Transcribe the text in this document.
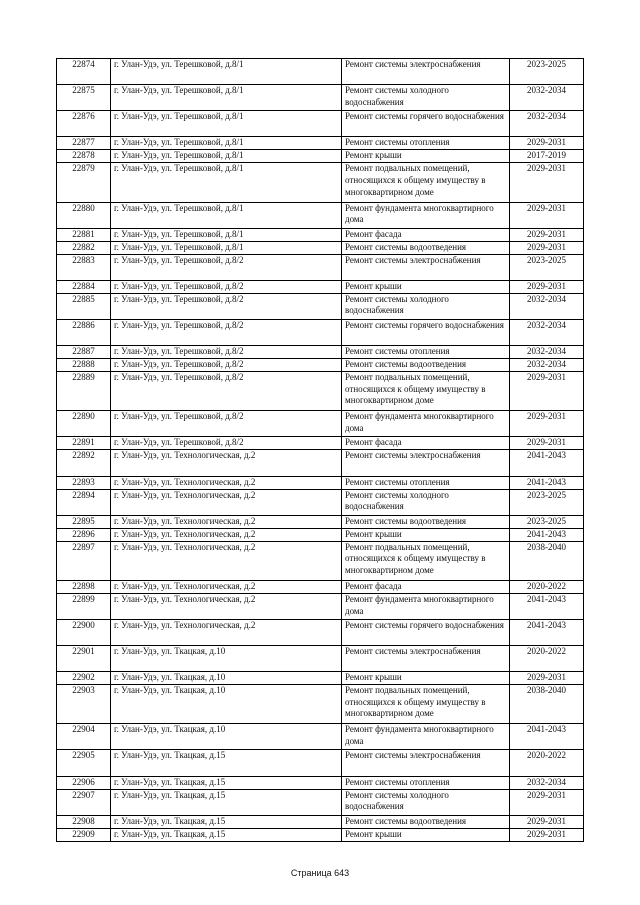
22874	г. Улан-Удэ, ул. Терешковой, д.8/1	Ремонт системы электроснабжения	2023-2025
22875	г. Улан-Удэ, ул. Терешковой, д.8/1	Ремонт системы холодного водоснабжения	2032-2034
22876	г. Улан-Удэ, ул. Терешковой, д.8/1	Ремонт системы горячего водоснабжения	2032-2034
22877	г. Улан-Удэ, ул. Терешковой, д.8/1	Ремонт системы отопления	2029-2031
22878	г. Улан-Удэ, ул. Терешковой, д.8/1	Ремонт крыши	2017-2019
22879	г. Улан-Удэ, ул. Терешковой, д.8/1	Ремонт подвальных помещений, относящихся к общему имуществу в многоквартирном доме	2029-2031
22880	г. Улан-Удэ, ул. Терешковой, д.8/1	Ремонт фундамента многоквартирного дома	2029-2031
22881	г. Улан-Удэ, ул. Терешковой, д.8/1	Ремонт фасада	2029-2031
22882	г. Улан-Удэ, ул. Терешковой, д.8/1	Ремонт системы водоотведения	2029-2031
22883	г. Улан-Удэ, ул. Терешковой, д.8/2	Ремонт системы электроснабжения	2023-2025
22884	г. Улан-Удэ, ул. Терешковой, д.8/2	Ремонт крыши	2029-2031
22885	г. Улан-Удэ, ул. Терешковой, д.8/2	Ремонт системы холодного водоснабжения	2032-2034
22886	г. Улан-Удэ, ул. Терешковой, д.8/2	Ремонт системы горячего водоснабжения	2032-2034
22887	г. Улан-Удэ, ул. Терешковой, д.8/2	Ремонт системы отопления	2032-2034
22888	г. Улан-Удэ, ул. Терешковой, д.8/2	Ремонт системы водоотведения	2032-2034
22889	г. Улан-Удэ, ул. Терешковой, д.8/2	Ремонт подвальных помещений, относящихся к общему имуществу в многоквартирном доме	2029-2031
22890	г. Улан-Удэ, ул. Терешковой, д.8/2	Ремонт фундамента многоквартирного дома	2029-2031
22891	г. Улан-Удэ, ул. Терешковой, д.8/2	Ремонт фасада	2029-2031
22892	г. Улан-Удэ, ул. Технологическая, д.2	Ремонт системы электроснабжения	2041-2043
22893	г. Улан-Удэ, ул. Технологическая, д.2	Ремонт системы отопления	2041-2043
22894	г. Улан-Удэ, ул. Технологическая, д.2	Ремонт системы холодного водоснабжения	2023-2025
22895	г. Улан-Удэ, ул. Технологическая, д.2	Ремонт системы водоотведения	2023-2025
22896	г. Улан-Удэ, ул. Технологическая, д.2	Ремонт крыши	2041-2043
22897	г. Улан-Удэ, ул. Технологическая, д.2	Ремонт подвальных помещений, относящихся к общему имуществу в многоквартирном доме	2038-2040
22898	г. Улан-Удэ, ул. Технологическая, д.2	Ремонт фасада	2020-2022
22899	г. Улан-Удэ, ул. Технологическая, д.2	Ремонт фундамента многоквартирного дома	2041-2043
22900	г. Улан-Удэ, ул. Технологическая, д.2	Ремонт системы горячего водоснабжения	2041-2043
22901	г. Улан-Удэ, ул. Ткацкая, д.10	Ремонт системы электроснабжения	2020-2022
22902	г. Улан-Удэ, ул. Ткацкая, д.10	Ремонт крыши	2029-2031
22903	г. Улан-Удэ, ул. Ткацкая, д.10	Ремонт подвальных помещений, относящихся к общему имуществу в многоквартирном доме	2038-2040
22904	г. Улан-Удэ, ул. Ткацкая, д.10	Ремонт фундамента многоквартирного дома	2041-2043
22905	г. Улан-Удэ, ул. Ткацкая, д.15	Ремонт системы электроснабжения	2020-2022
22906	г. Улан-Удэ, ул. Ткацкая, д.15	Ремонт системы отопления	2032-2034
22907	г. Улан-Удэ, ул. Ткацкая, д.15	Ремонт системы холодного водоснабжения	2029-2031
22908	г. Улан-Удэ, ул. Ткацкая, д.15	Ремонт системы водоотведения	2029-2031
22909	г. Улан-Удэ, ул. Ткацкая, д.15	Ремонт крыши	2029-2031
Страница 643
